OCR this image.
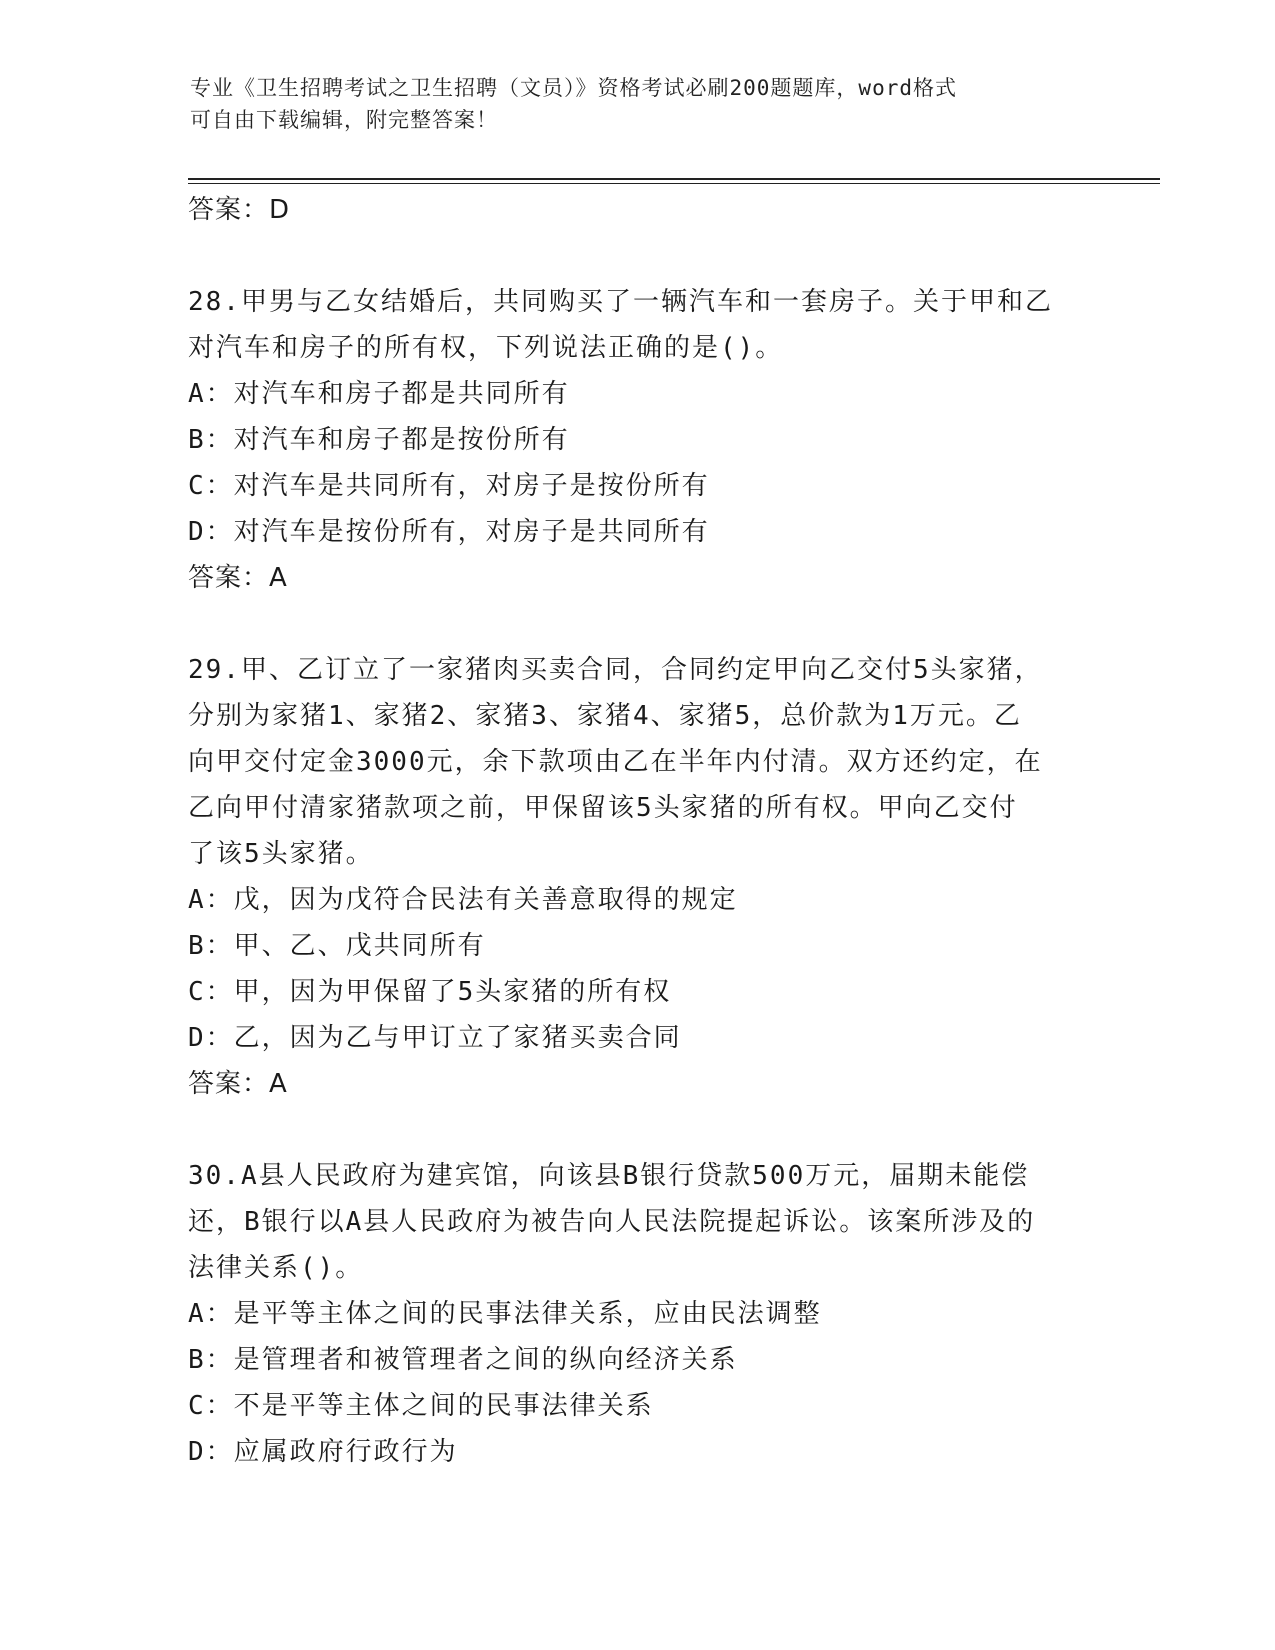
专业《卫生招聘考试之卫生招聘（文员）》资格考试必刷200题题库，word格式
可自由下载编辑，附完整答案！
答案：D
28.甲男与乙女结婚后，共同购买了一辆汽车和一套房子。关于甲和乙
对汽车和房子的所有权，下列说法正确的是()。
A：对汽车和房子都是共同所有
B：对汽车和房子都是按份所有
C：对汽车是共同所有，对房子是按份所有
D：对汽车是按份所有，对房子是共同所有
答案：A
29.甲、乙订立了一家猪肉买卖合同，合同约定甲向乙交付5头家猪，
分别为家猪1、家猪2、家猪3、家猪4、家猪5，总价款为1万元。乙
向甲交付定金3000元，余下款项由乙在半年内付清。双方还约定，在
乙向甲付清家猪款项之前，甲保留该5头家猪的所有权。甲向乙交付
了该5头家猪。
A：戊，因为戊符合民法有关善意取得的规定
B：甲、乙、戊共同所有
C：甲，因为甲保留了5头家猪的所有权
D：乙，因为乙与甲订立了家猪买卖合同
答案：A
30.A县人民政府为建宾馆，向该县B银行贷款500万元，届期未能偿
还，B银行以A县人民政府为被告向人民法院提起诉讼。该案所涉及的
法律关系()。
A：是平等主体之间的民事法律关系，应由民法调整
B：是管理者和被管理者之间的纵向经济关系
C：不是平等主体之间的民事法律关系
D：应属政府行政行为
